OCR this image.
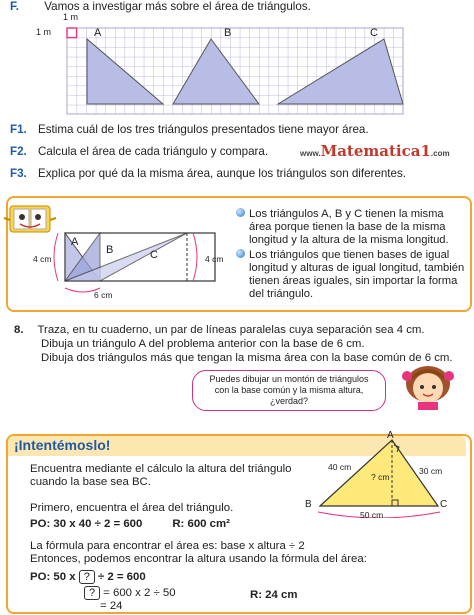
F. Vamos a investigar más sobre el área de triángulos.
1 m
1 m	A	B	C
F1. Estima cuál de los tres triángulos presentados tiene mayor área.
F2. Calcula el área de cada triángulo y compara.	www.Matematica1.com
F3. Explica por qué da la misma área, aunque los triángulos son diferentes.
A
B	C
4 cm	4 cm
6 cm
Los triángulos A, B y C tienen la misma
área porque tienen la base de la misma
longitud y la altura de la misma longitud.
Los triángulos que tienen bases de igual
longitud y alturas de igual longitud, también
tienen áreas iguales, sin importar la forma
del triángulo.
8. Traza, en tu cuaderno, un par de líneas paralelas cuya separación sea 4 cm.
Dibuja un triángulo A del problema anterior con la base de 6 cm.
Dibuja dos triángulos más que tengan la misma área con la base común de 6 cm.
Puedes dibujar un montón de triángulos
con la base común y la misma altura, ¿verdad?
¡Intentémoslo!
Encuentra mediante el cálculo la altura del triángulo
cuando la base sea BC.
Primero, encuentra el área del triángulo.
PO: 30 x 40 ÷ 2 = 600	R: 600 cm²
La fórmula para encontrar el área es: base x altura ÷ 2
Entonces, podemos encontrar la altura usando la fórmula del área:
PO: 50 x ? ÷ 2 = 600
? = 600 x 2 ÷ 50
= 24
R: 24 cm
A
B	C
40 cm	30 cm
50 cm
? cm
